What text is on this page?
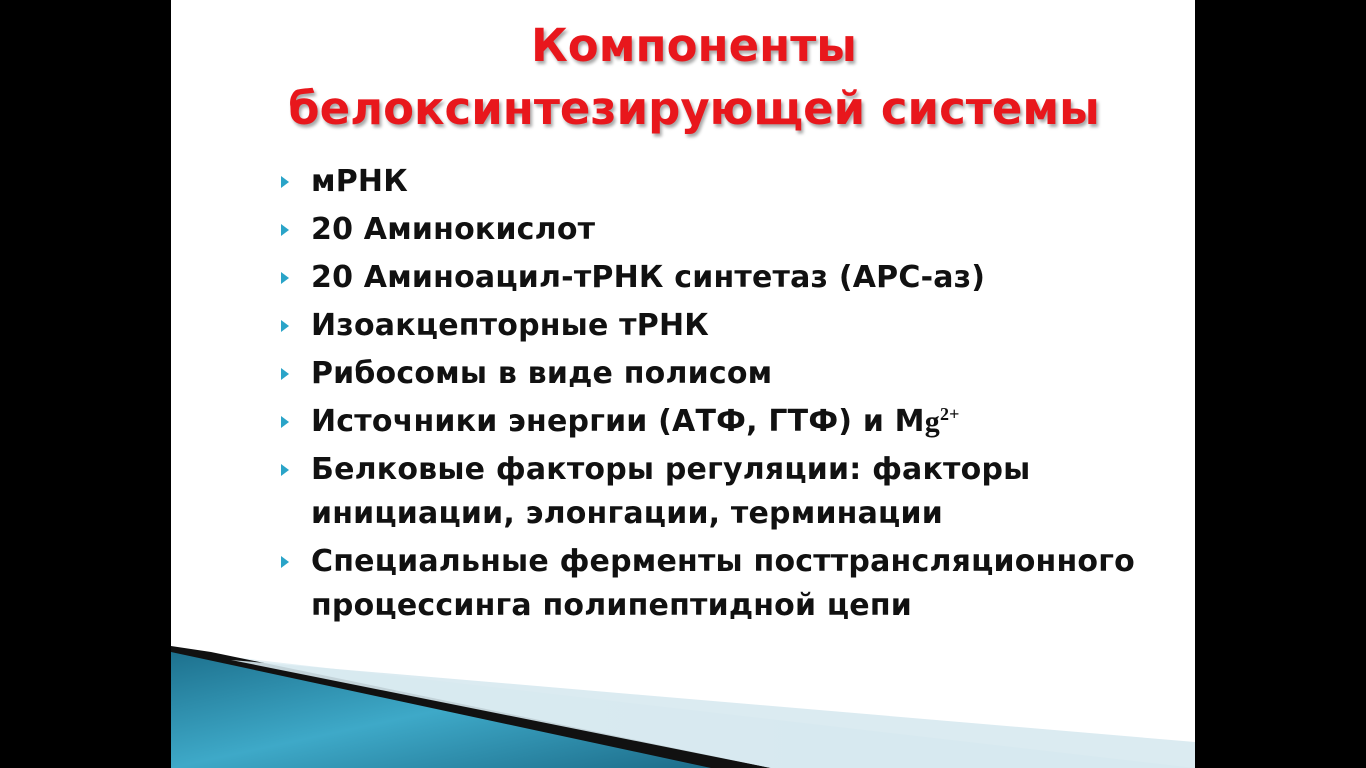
Компоненты
белоксинтезирующей системы
мРНК
20 Аминокислот
20 Аминоацил-тРНК синтетаз (АРС-аз)
Изоакцепторные тРНК
Рибосомы в виде полисом
Источники энергии (АТФ, ГТФ) и $Mg^{2+}$
Белковые факторы регуляции: факторы инициации, элонгации, терминации
Специальные ферменты посттрансляционного процессинга полипептидной цепи
